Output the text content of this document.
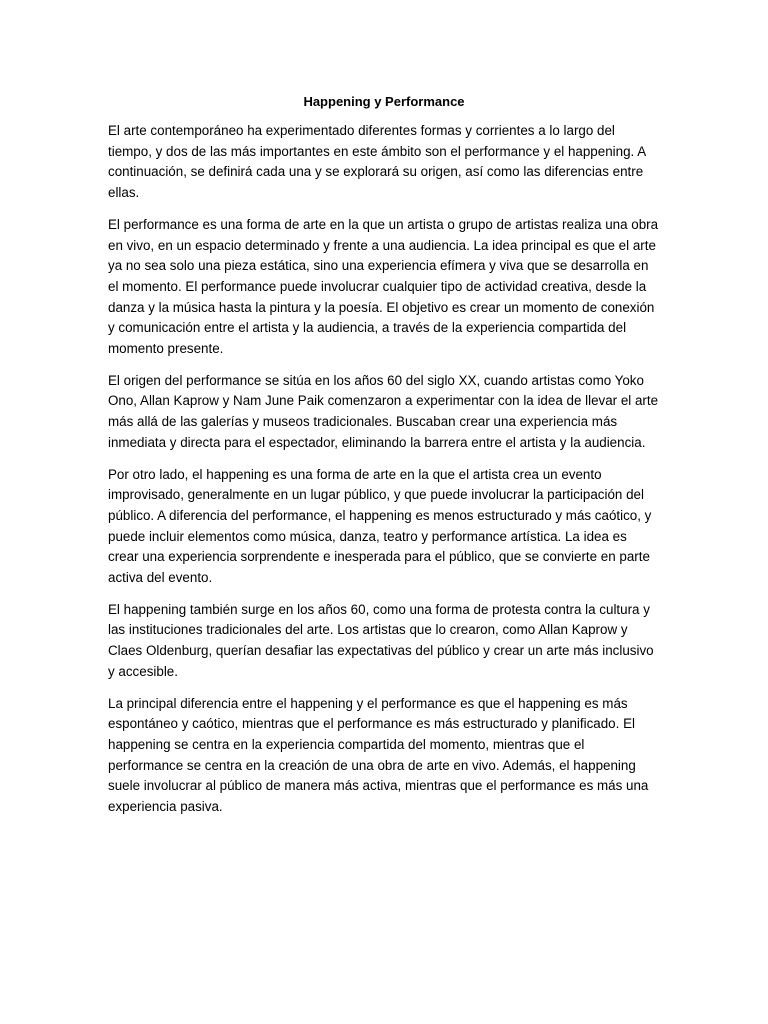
Happening y Performance

El arte contemporáneo ha experimentado diferentes formas y corrientes a lo largo del tiempo, y dos de las más importantes en este ámbito son el performance y el happening. A continuación, se definirá cada una y se explorará su origen, así como las diferencias entre ellas.

El performance es una forma de arte en la que un artista o grupo de artistas realiza una obra en vivo, en un espacio determinado y frente a una audiencia. La idea principal es que el arte ya no sea solo una pieza estática, sino una experiencia efímera y viva que se desarrolla en el momento. El performance puede involucrar cualquier tipo de actividad creativa, desde la danza y la música hasta la pintura y la poesía. El objetivo es crear un momento de conexión y comunicación entre el artista y la audiencia, a través de la experiencia compartida del momento presente.

El origen del performance se sitúa en los años 60 del siglo XX, cuando artistas como Yoko Ono, Allan Kaprow y Nam June Paik comenzaron a experimentar con la idea de llevar el arte más allá de las galerías y museos tradicionales. Buscaban crear una experiencia más inmediata y directa para el espectador, eliminando la barrera entre el artista y la audiencia.

Por otro lado, el happening es una forma de arte en la que el artista crea un evento improvisado, generalmente en un lugar público, y que puede involucrar la participación del público. A diferencia del performance, el happening es menos estructurado y más caótico, y puede incluir elementos como música, danza, teatro y performance artística. La idea es crear una experiencia sorprendente e inesperada para el público, que se convierte en parte activa del evento.

El happening también surge en los años 60, como una forma de protesta contra la cultura y las instituciones tradicionales del arte. Los artistas que lo crearon, como Allan Kaprow y Claes Oldenburg, querían desafiar las expectativas del público y crear un arte más inclusivo y accesible.

La principal diferencia entre el happening y el performance es que el happening es más espontáneo y caótico, mientras que el performance es más estructurado y planificado. El happening se centra en la experiencia compartida del momento, mientras que el performance se centra en la creación de una obra de arte en vivo. Además, el happening suele involucrar al público de manera más activa, mientras que el performance es más una experiencia pasiva.
